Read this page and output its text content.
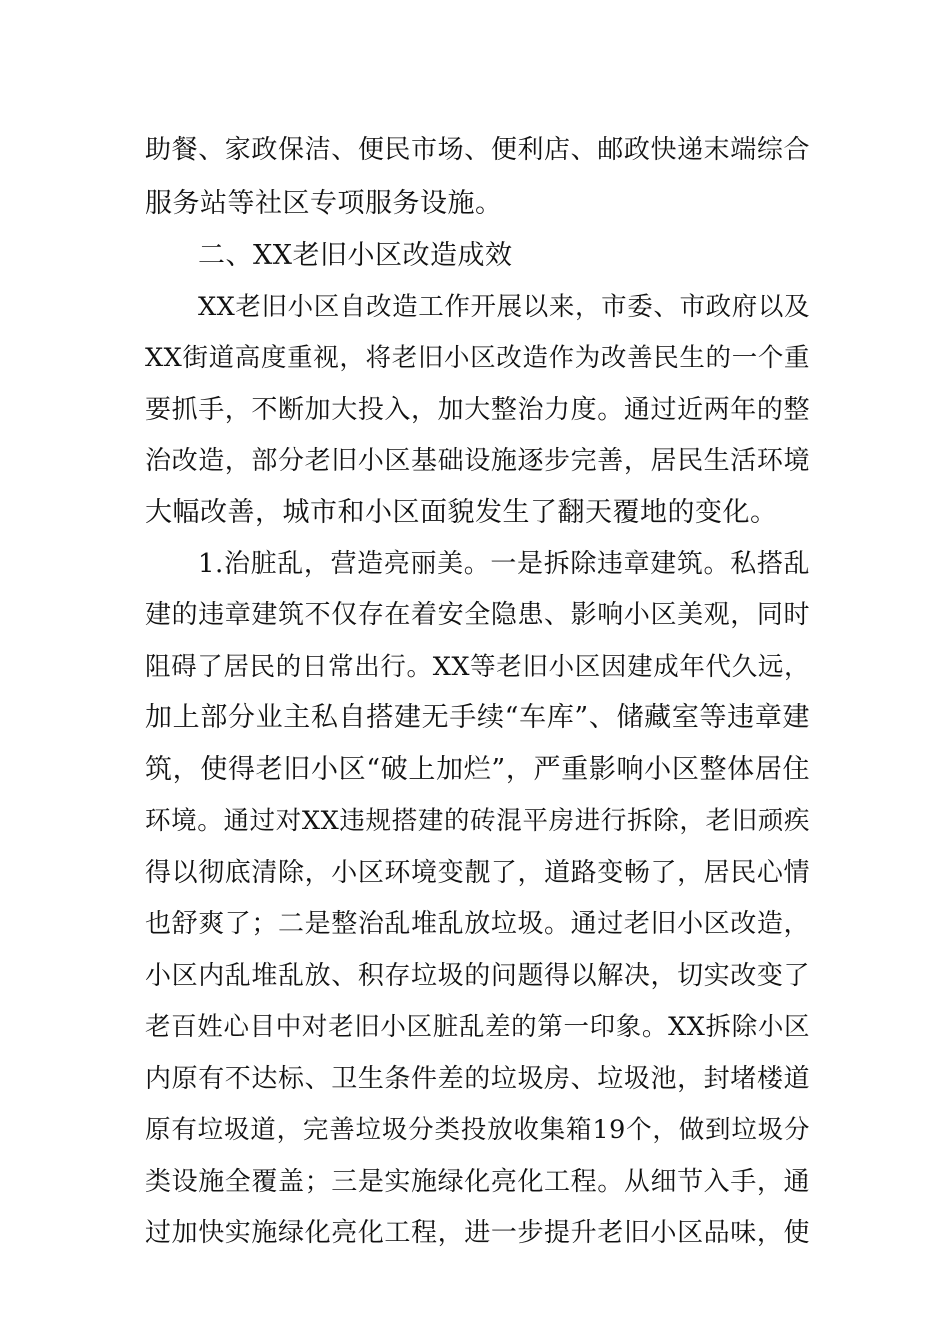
助餐、家政保洁、便民市场、便利店、邮政快递末端综合
服务站等社区专项服务设施。
二、XX老旧小区改造成效
XX老旧小区自改造工作开展以来，市委、市政府以及
XX街道高度重视，将老旧小区改造作为改善民生的一个重
要抓手，不断加大投入，加大整治力度。通过近两年的整
治改造，部分老旧小区基础设施逐步完善，居民生活环境
大幅改善，城市和小区面貌发生了翻天覆地的变化。
1.治脏乱，营造亮丽美。一是拆除违章建筑。私搭乱
建的违章建筑不仅存在着安全隐患、影响小区美观，同时
阻碍了居民的日常出行。XX等老旧小区因建成年代久远，
加上部分业主私自搭建无手续“车库”、储藏室等违章建
筑，使得老旧小区“破上加烂”，严重影响小区整体居住
环境。通过对XX违规搭建的砖混平房进行拆除，老旧顽疾
得以彻底清除，小区环境变靓了，道路变畅了，居民心情
也舒爽了；二是整治乱堆乱放垃圾。通过老旧小区改造，
小区内乱堆乱放、积存垃圾的问题得以解决，切实改变了
老百姓心目中对老旧小区脏乱差的第一印象。XX拆除小区
内原有不达标、卫生条件差的垃圾房、垃圾池，封堵楼道
原有垃圾道，完善垃圾分类投放收集箱19个，做到垃圾分
类设施全覆盖；三是实施绿化亮化工程。从细节入手，通
过加快实施绿化亮化工程，进一步提升老旧小区品味，使
